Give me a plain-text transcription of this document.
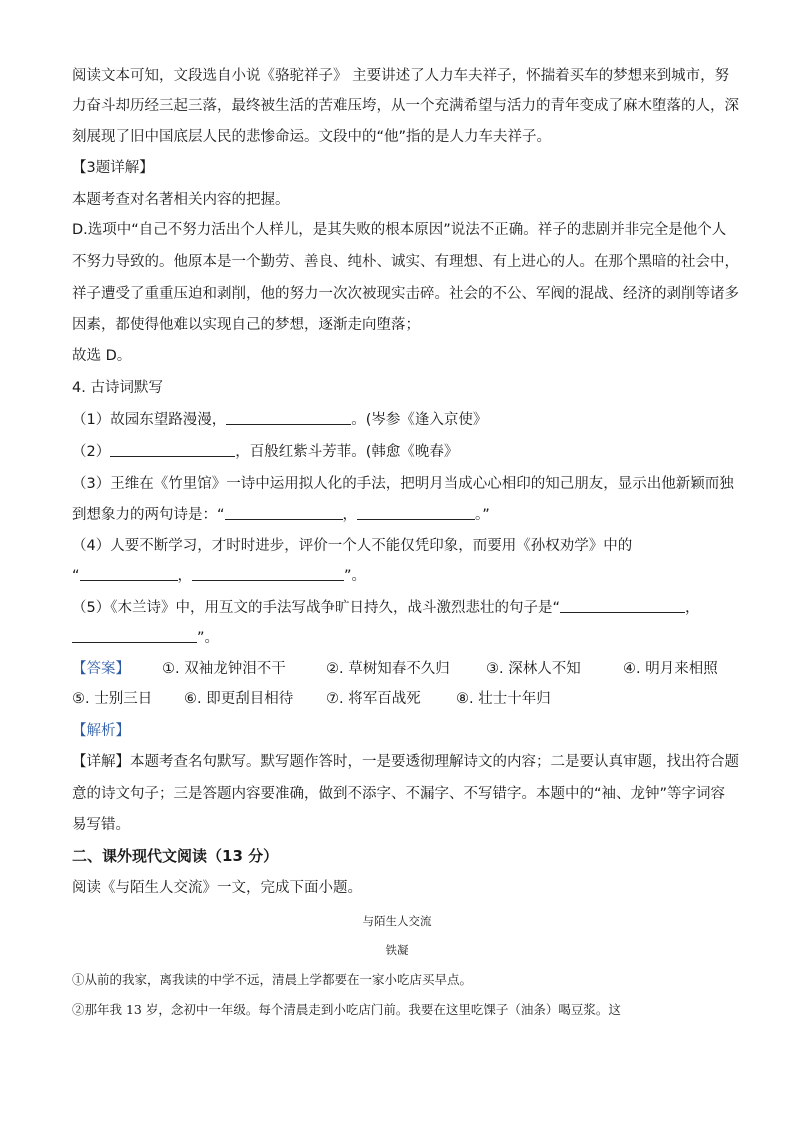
阅读文本可知，文段选自小说《骆驼祥子》 主要讲述了人力车夫祥子，怀揣着买车的梦想来到城市，努
力奋斗却历经三起三落，最终被生活的苦难压垮，从一个充满希望与活力的青年变成了麻木堕落的人，深
刻展现了旧中国底层人民的悲惨命运。文段中的“他”指的是人力车夫祥子。
【3题详解】
本题考查对名著相关内容的把握。
D.选项中“自己不努力活出个人样儿，是其失败的根本原因”说法不正确。祥子的悲剧并非完全是他个人
不努力导致的。他原本是一个勤劳、善良、纯朴、诚实、有理想、有上进心的人。在那个黑暗的社会中，
祥子遭受了重重压迫和剥削，他的努力一次次被现实击碎。社会的不公、军阀的混战、经济的剥削等诸多
因素，都使得他难以实现自己的梦想，逐渐走向堕落；
故选 D。
4. 古诗词默写
（1）故园东望路漫漫，	。(岑参《逢入京使》
（2）	，百般红紫斗芳菲。(韩愈《晚春》
（3）王维在《竹里馆》一诗中运用拟人化的手法，把明月当成心心相印的知己朋友，显示出他新颖而独
到想象力的两句诗是：“	，	。”
（4）人要不断学习，才时时进步，评价一个人不能仅凭印象，而要用《孙权劝学》中的
“	，	”。
（5）《木兰诗》中，用互文的手法写战争旷日持久，战斗激烈悲壮的句子是“	，
”。
【答案】 ①. 双袖龙钟泪不干	②. 草树知春不久归	③. 深林人不知	④. 明月来相照
⑤. 士别三日 ⑥. 即更刮目相待 ⑦. 将军百战死 ⑧. 壮士十年归
【解析】
【详解】本题考查名句默写。默写题作答时，一是要透彻理解诗文的内容；二是要认真审题，找出符合题
意的诗文句子；三是答题内容要准确，做到不添字、不漏字、不写错字。本题中的“袖、龙钟”等字词容
易写错。
二、课外现代文阅读（13 分）
阅读《与陌生人交流》一文，完成下面小题。
与陌生人交流
铁凝
①从前的我家，离我读的中学不远，清晨上学都要在一家小吃店买早点。
②那年我 13 岁，念初中一年级。每个清晨走到小吃店门前。我要在这里吃馃子（油条）喝豆浆。这
